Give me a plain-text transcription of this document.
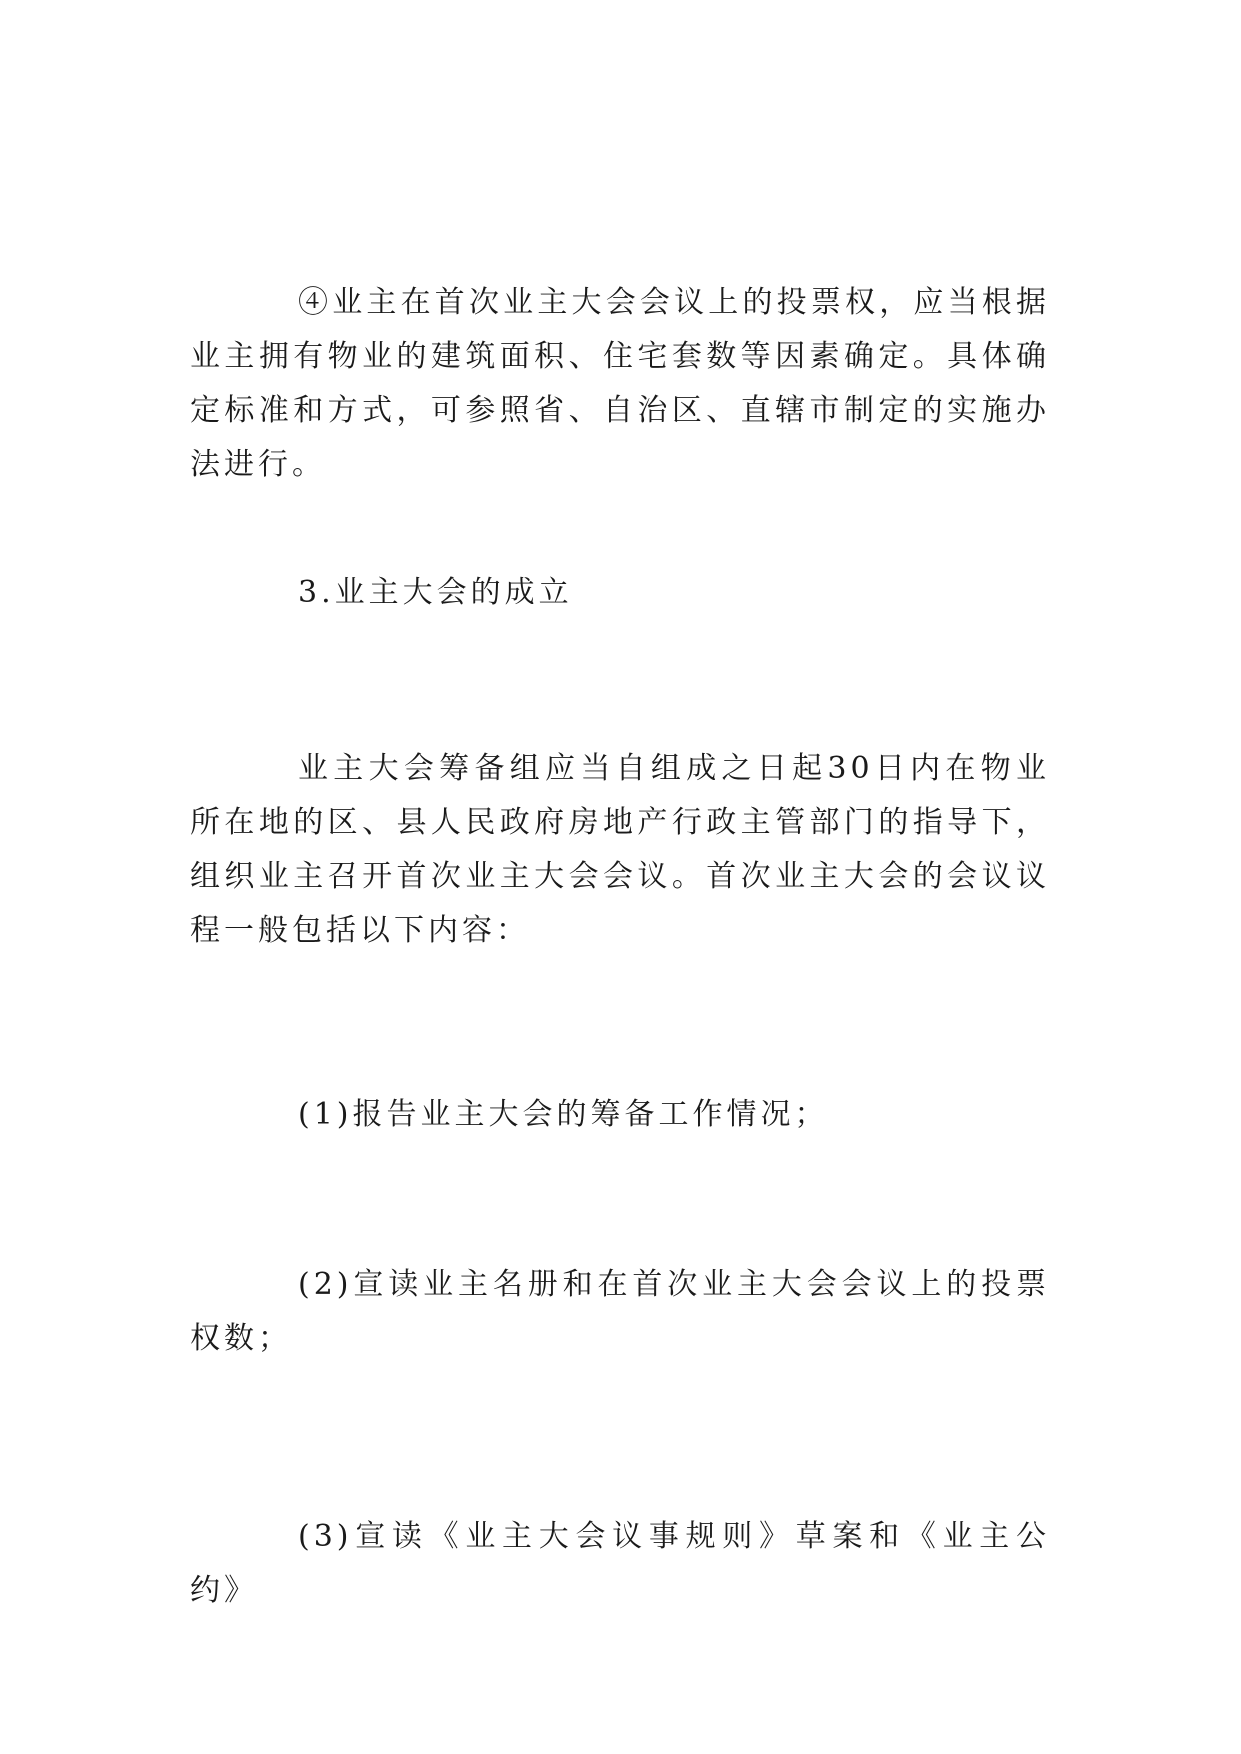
④业主在首次业主大会会议上的投票权，应当根据业主拥有物业的建筑面积、住宅套数等因素确定。具体确定标准和方式，可参照省、自治区、直辖市制定的实施办法进行。

3.业主大会的成立

业主大会筹备组应当自组成之日起30日内在物业所在地的区、县人民政府房地产行政主管部门的指导下，组织业主召开首次业主大会会议。首次业主大会的会议议程一般包括以下内容：

(1)报告业主大会的筹备工作情况；

(2)宣读业主名册和在首次业主大会会议上的投票权数；

(3)宣读《业主大会议事规则》草案和《业主公约》
